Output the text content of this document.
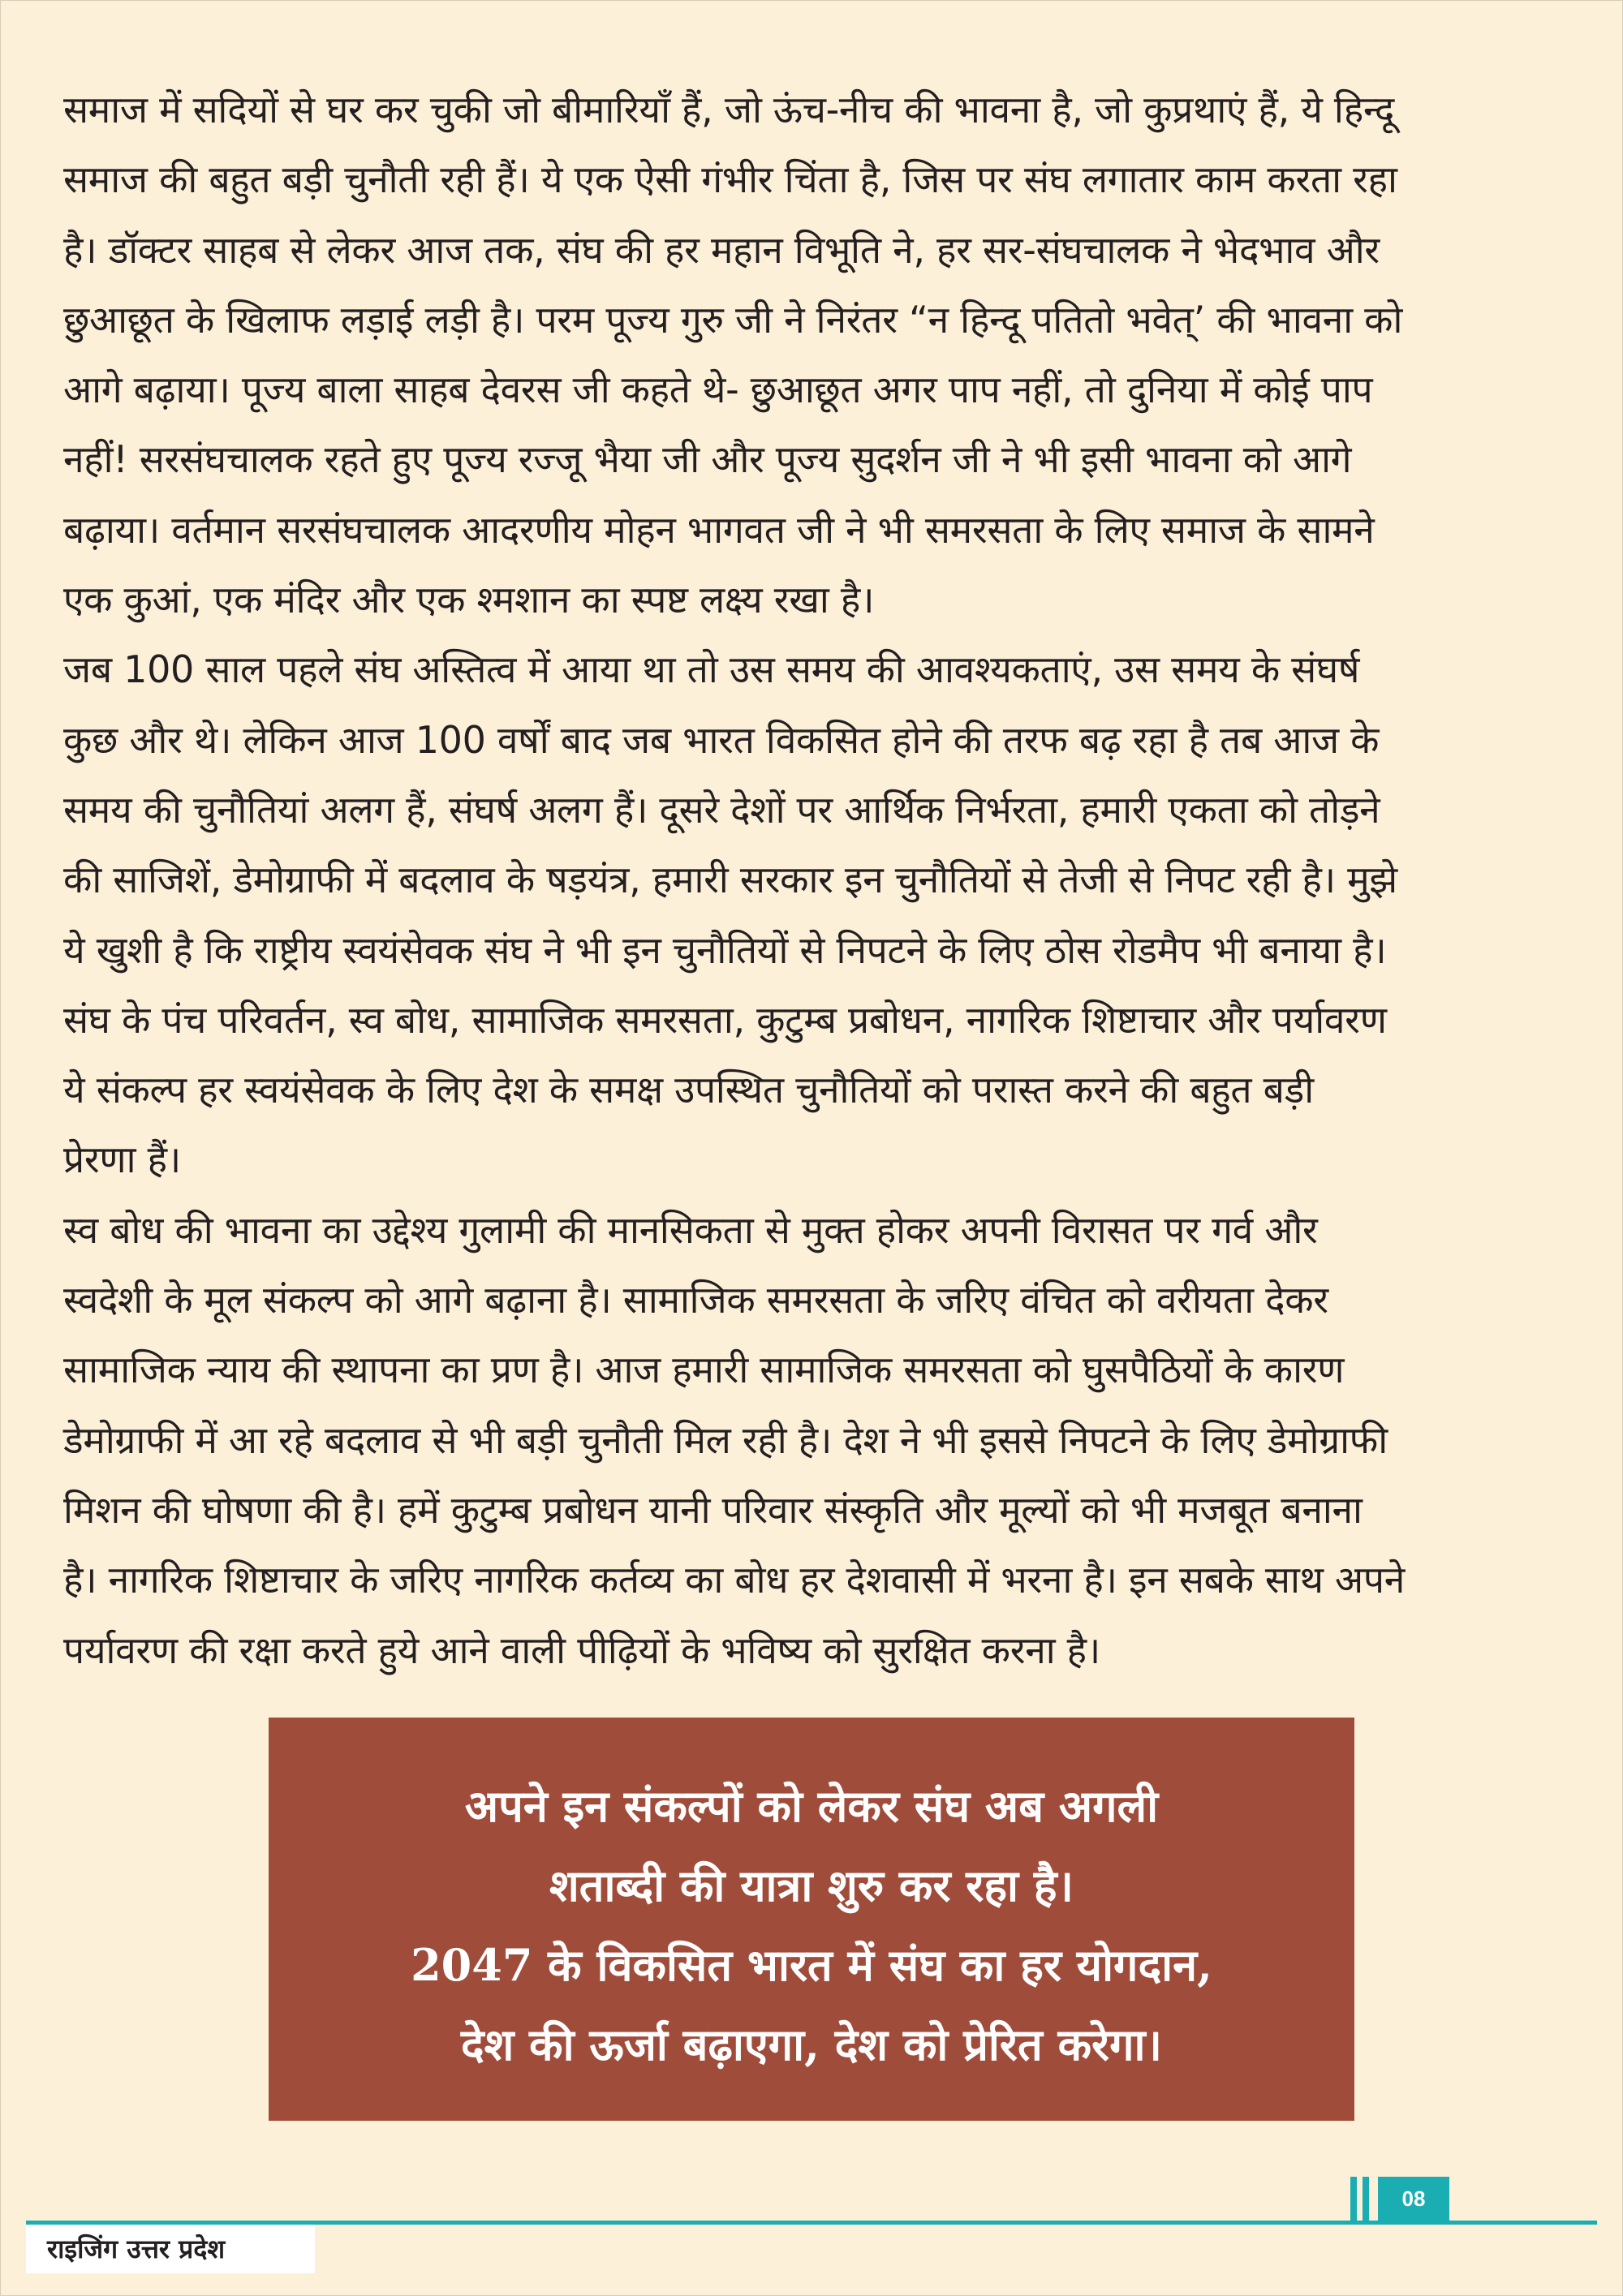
समाज में सदियों से घर कर चुकी जो बीमारियाँ हैं, जो ऊंच-नीच की भावना है, जो कुप्रथाएं हैं, ये हिन्दू
समाज की बहुत बड़ी चुनौती रही हैं। ये एक ऐसी गंभीर चिंता है, जिस पर संघ लगातार काम करता रहा
है। डॉक्टर साहब से लेकर आज तक, संघ की हर महान विभूति ने, हर सर-संघचालक ने भेदभाव और
छुआछूत के खिलाफ लड़ाई लड़ी है। परम पूज्य गुरु जी ने निरंतर “न हिन्दू पतितो भवेत्’ की भावना को
आगे बढ़ाया। पूज्य बाला साहब देवरस जी कहते थे- छुआछूत अगर पाप नहीं, तो दुनिया में कोई पाप
नहीं! सरसंघचालक रहते हुए पूज्य रज्जू भैया जी और पूज्य सुदर्शन जी ने भी इसी भावना को आगे
बढ़ाया। वर्तमान सरसंघचालक आदरणीय मोहन भागवत जी ने भी समरसता के लिए समाज के सामने
एक कुआं, एक मंदिर और एक श्मशान का स्पष्ट लक्ष्य रखा है।
जब 100 साल पहले संघ अस्तित्व में आया था तो उस समय की आवश्यकताएं, उस समय के संघर्ष
कुछ और थे। लेकिन आज 100 वर्षों बाद जब भारत विकसित होने की तरफ बढ़ रहा है तब आज के
समय की चुनौतियां अलग हैं, संघर्ष अलग हैं। दूसरे देशों पर आर्थिक निर्भरता, हमारी एकता को तोड़ने
की साजिशें, डेमोग्राफी में बदलाव के षड़यंत्र, हमारी सरकार इन चुनौतियों से तेजी से निपट रही है। मुझे
ये खुशी है कि राष्ट्रीय स्वयंसेवक संघ ने भी इन चुनौतियों से निपटने के लिए ठोस रोडमैप भी बनाया है।
संघ के पंच परिवर्तन, स्व बोध, सामाजिक समरसता, कुटुम्ब प्रबोधन, नागरिक शिष्टाचार और पर्यावरण
ये संकल्प हर स्वयंसेवक के लिए देश के समक्ष उपस्थित चुनौतियों को परास्त करने की बहुत बड़ी
प्रेरणा हैं।
स्व बोध की भावना का उद्देश्य गुलामी की मानसिकता से मुक्त होकर अपनी विरासत पर गर्व और
स्वदेशी के मूल संकल्प को आगे बढ़ाना है। सामाजिक समरसता के जरिए वंचित को वरीयता देकर
सामाजिक न्याय की स्थापना का प्रण है। आज हमारी सामाजिक समरसता को घुसपैठियों के कारण
डेमोग्राफी में आ रहे बदलाव से भी बड़ी चुनौती मिल रही है। देश ने भी इससे निपटने के लिए डेमोग्राफी
मिशन की घोषणा की है। हमें कुटुम्ब प्रबोधन यानी परिवार संस्कृति और मूल्यों को भी मजबूत बनाना
है। नागरिक शिष्टाचार के जरिए नागरिक कर्तव्य का बोध हर देशवासी में भरना है। इन सबके साथ अपने
पर्यावरण की रक्षा करते हुये आने वाली पीढ़ियों के भविष्य को सुरक्षित करना है।
अपने इन संकल्पों को लेकर संघ अब अगली
शताब्दी की यात्रा शुरु कर रहा है।
2047 के विकसित भारत में संघ का हर योगदान,
देश की ऊर्जा बढ़ाएगा, देश को प्रेरित करेगा।
08
राइजिंग उत्तर प्रदेश
